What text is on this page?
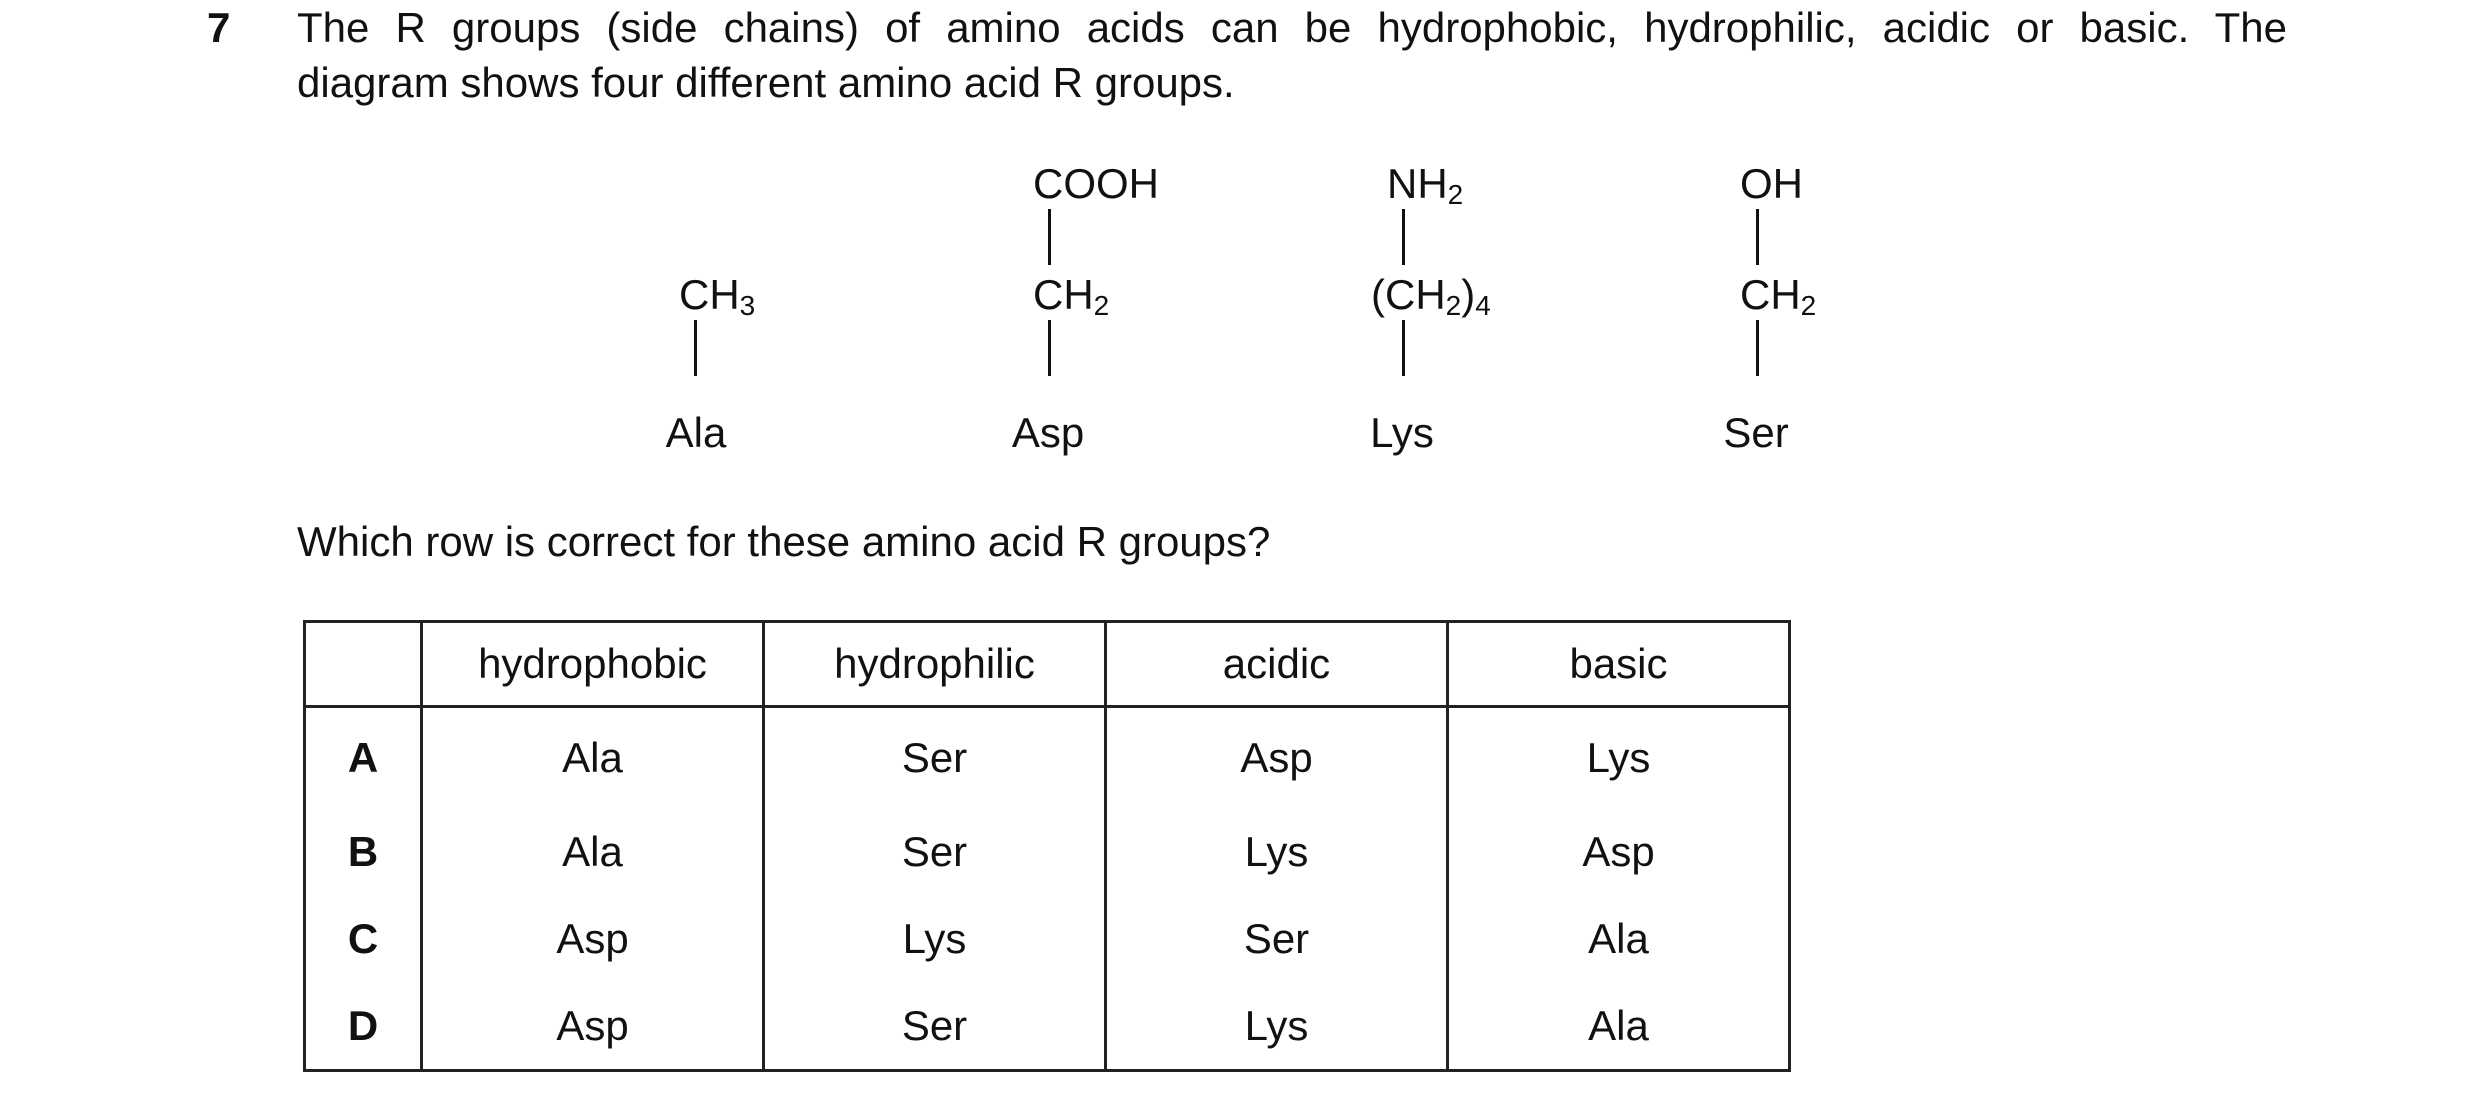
7 The R groups (side chains) of amino acids can be hydrophobic, hydrophilic, acidic or basic. The
diagram shows four different amino acid R groups.
$CH_3$
Ala
COOH
$CH_2$
Asp
$NH_2$
$(CH_2)_4$
Lys
OH
$CH_2$
Ser
Which row is correct for these amino acid R groups?
	hydrophobic	hydrophilic	acidic	basic
A	Ala	Ser	Asp	Lys
B	Ala	Ser	Lys	Asp
C	Asp	Lys	Ser	Ala
D	Asp	Ser	Lys	Ala
